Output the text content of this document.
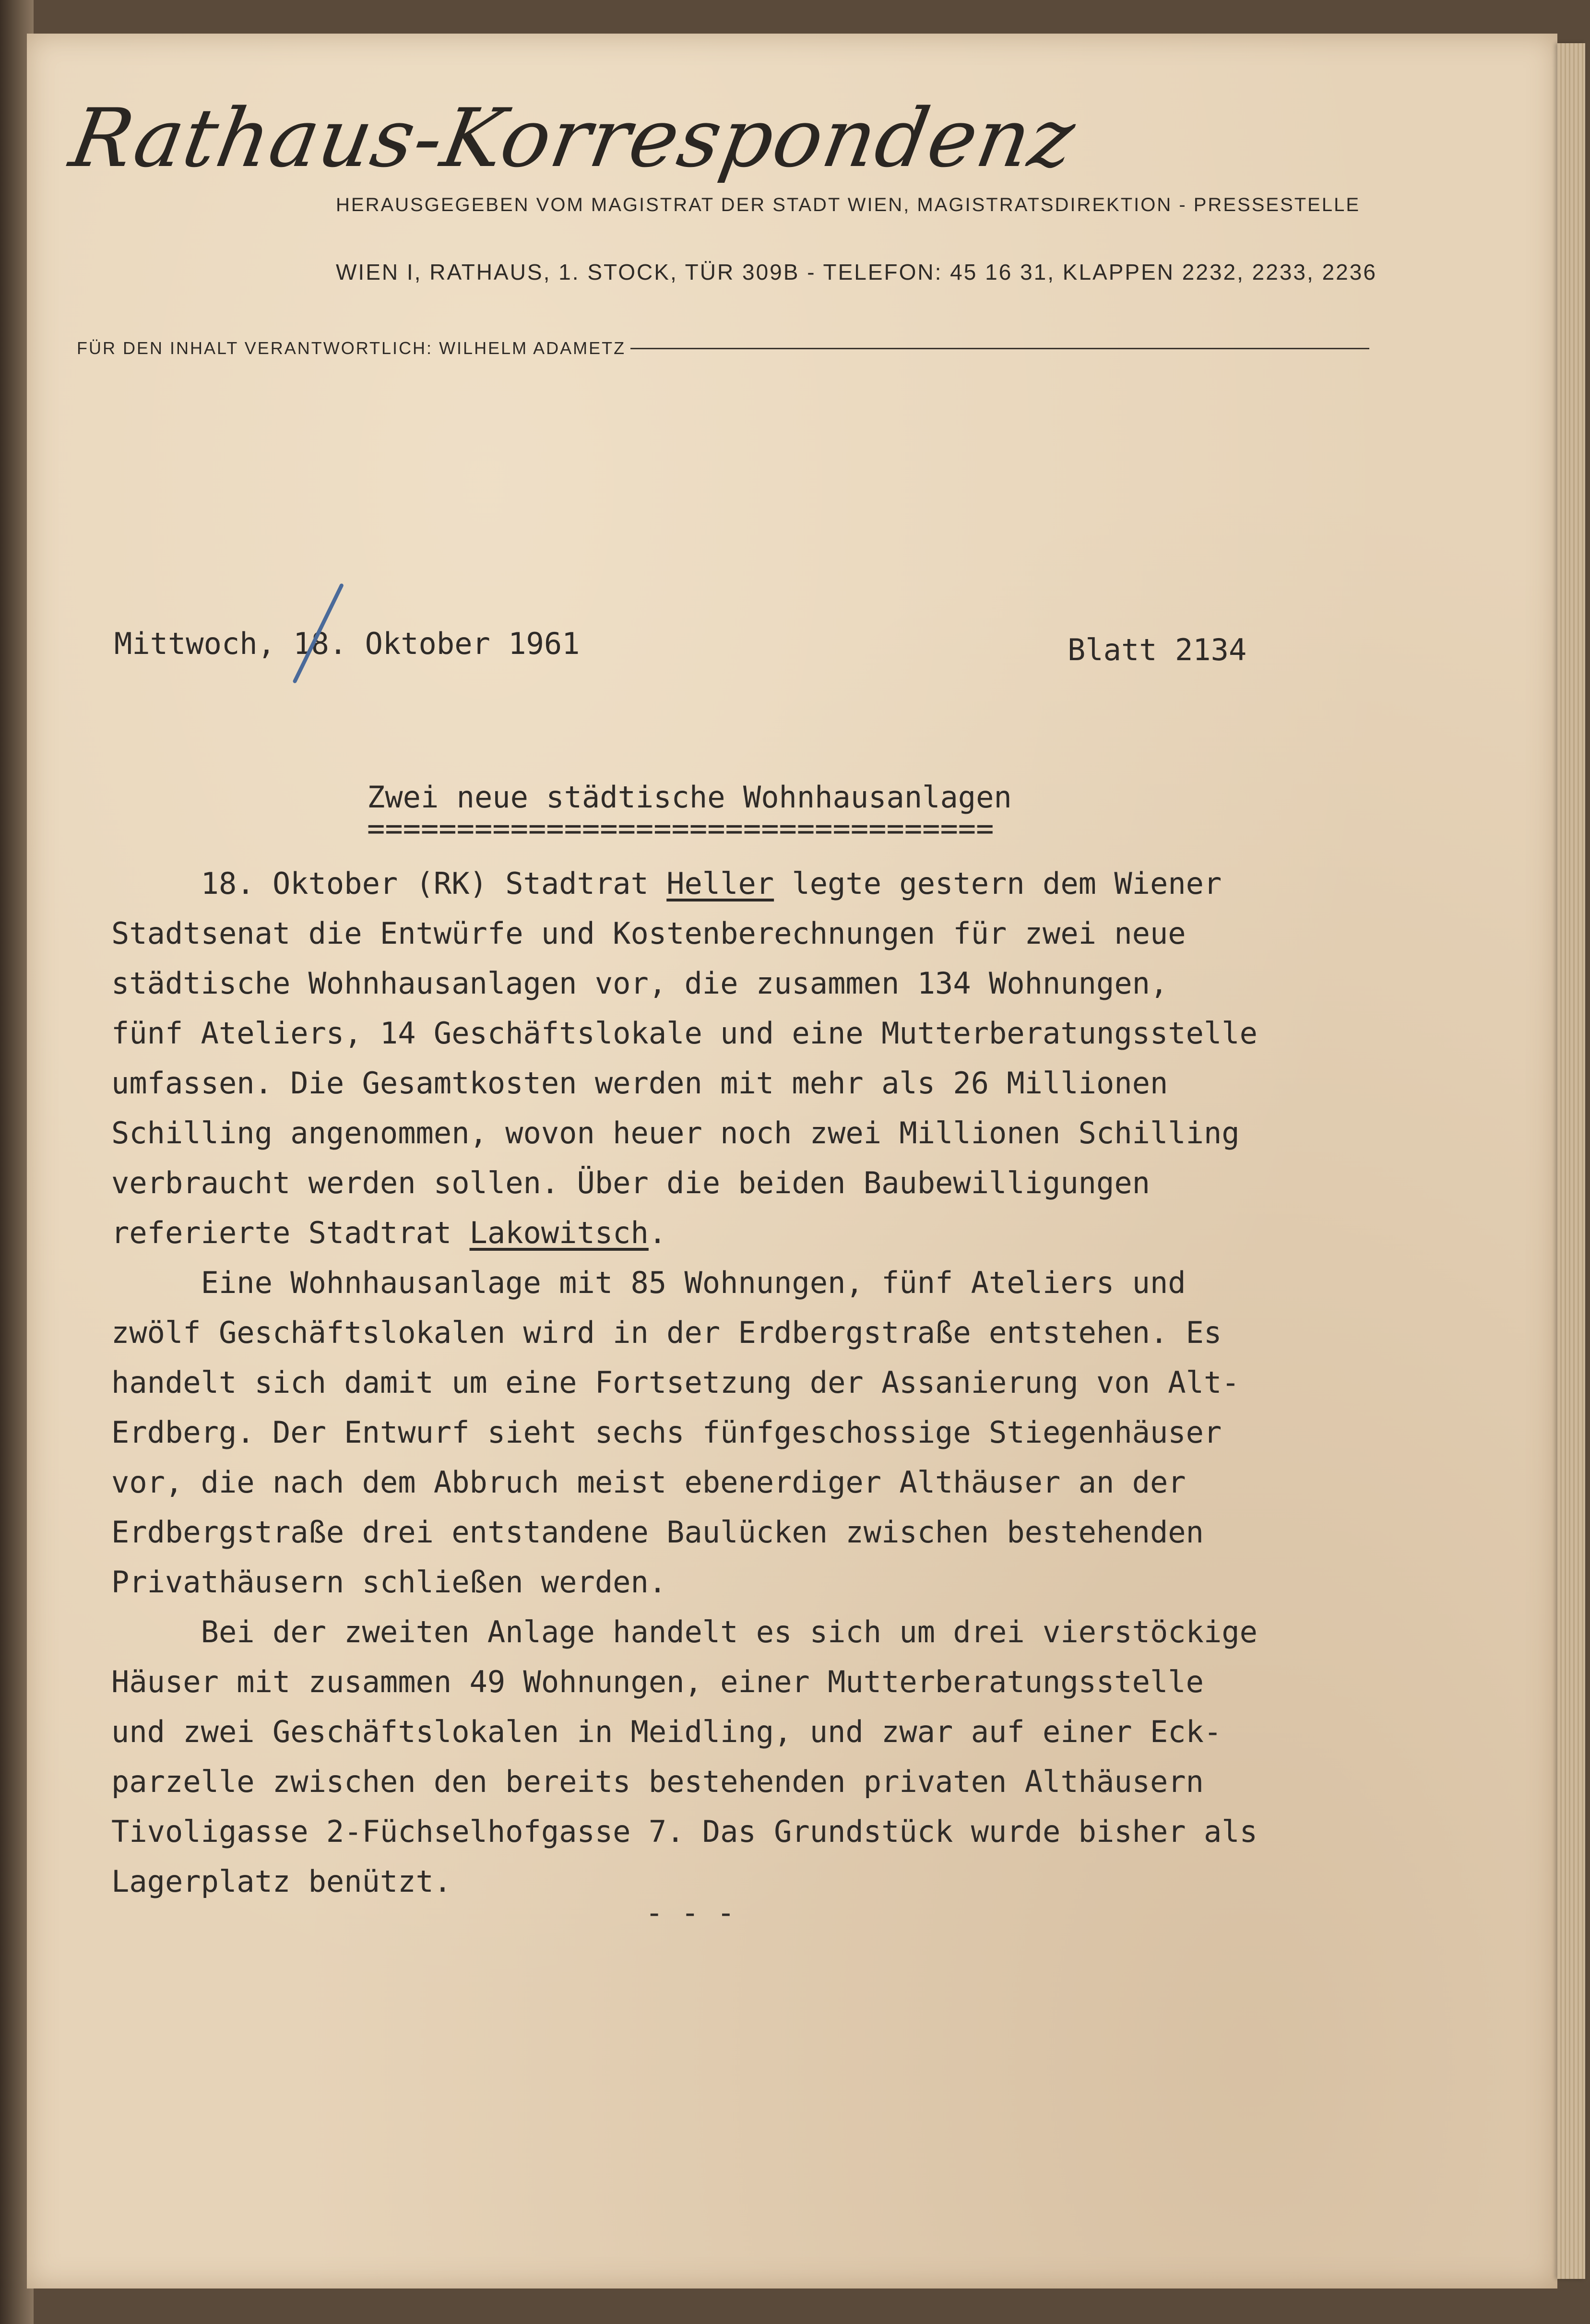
Rathaus-Korrespondenz
HERAUSGEGEBEN VOM MAGISTRAT DER STADT WIEN, MAGISTRATSDIREKTION - PRESSESTELLE
WIEN I, RATHAUS, 1. STOCK, TÜR 309B - TELEFON: 45 16 31, KLAPPEN 2232, 2233, 2236
FÜR DEN INHALT VERANTWORTLICH: WILHELM ADAMETZ
Mittwoch, 18. Oktober 1961	Blatt 2134
Zwei neue städtische Wohnhausanlagen
===================================

18. Oktober (RK) Stadtrat Heller legte gestern dem Wiener
Stadtsenat die Entwürfe und Kostenberechnungen für zwei neue
städtische Wohnhausanlagen vor, die zusammen 134 Wohnungen,
fünf Ateliers, 14 Geschäftslokale und eine Mutterberatungsstelle
umfassen. Die Gesamtkosten werden mit mehr als 26 Millionen
Schilling angenommen, wovon heuer noch zwei Millionen Schilling
verbraucht werden sollen. Über die beiden Baubewilligungen
referierte Stadtrat Lakowitsch.

Eine Wohnhausanlage mit 85 Wohnungen, fünf Ateliers und
zwölf Geschäftslokalen wird in der Erdbergstraße entstehen. Es
handelt sich damit um eine Fortsetzung der Assanierung von Alt-
Erdberg. Der Entwurf sieht sechs fünfgeschossige Stiegenhäuser
vor, die nach dem Abbruch meist ebenerdiger Althäuser an der
Erdbergstraße drei entstandene Baulücken zwischen bestehenden
Privathäusern schließen werden.

Bei der zweiten Anlage handelt es sich um drei vierstöckige
Häuser mit zusammen 49 Wohnungen, einer Mutterberatungsstelle
und zwei Geschäftslokalen in Meidling, und zwar auf einer Eck-
parzelle zwischen den bereits bestehenden privaten Althäusern
Tivoligasse 2-Füchselhofgasse 7. Das Grundstück wurde bisher als
Lagerplatz benützt.

- - -
